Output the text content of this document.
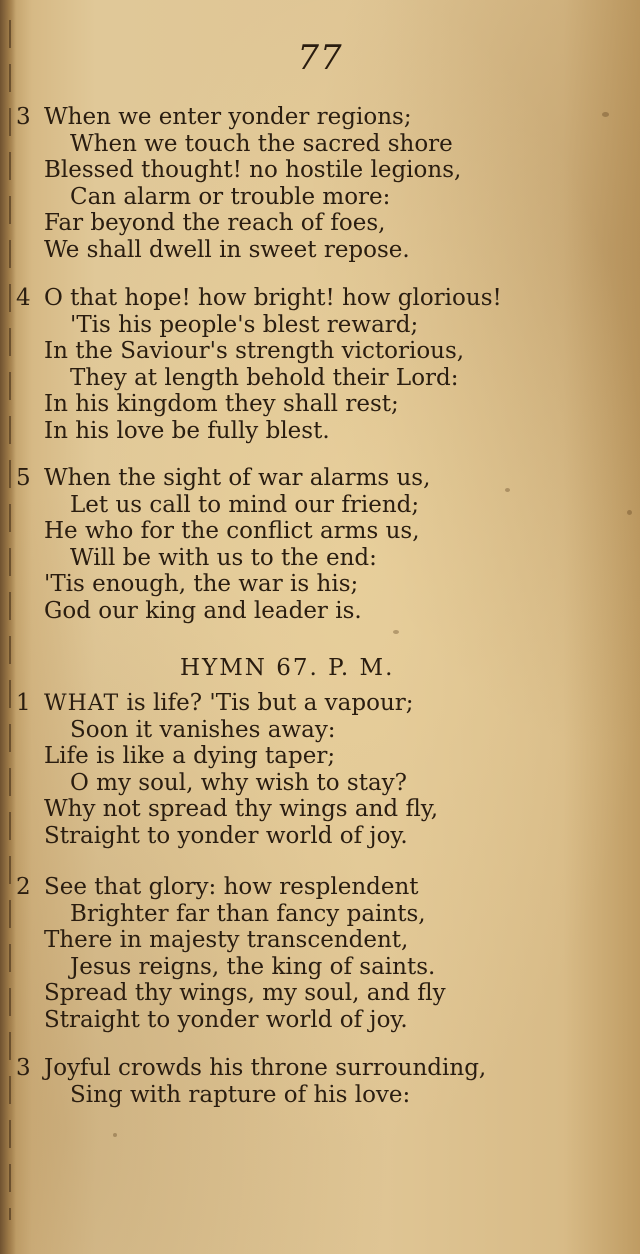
77
3 When we enter yonder regions;
When we touch the sacred shore
Blessed thought! no hostile legions,
Can alarm or trouble more:
Far beyond the reach of foes,
We shall dwell in sweet repose.
4 O that hope! how bright! how glorious!
'Tis his people's blest reward;
In the Saviour's strength victorious,
They at length behold their Lord:
In his kingdom they shall rest;
In his love be fully blest.
5 When the sight of war alarms us,
Let us call to mind our friend;
He who for the conflict arms us,
Will be with us to the end:
'Tis enough, the war is his;
God our king and leader is.
HYMN 67. P. M.
1 WHAT is life? 'Tis but a vapour;
Soon it vanishes away:
Life is like a dying taper;
O my soul, why wish to stay?
Why not spread thy wings and fly,
Straight to yonder world of joy.
2 See that glory: how resplendent
Brighter far than fancy paints,
There in majesty transcendent,
Jesus reigns, the king of saints.
Spread thy wings, my soul, and fly
Straight to yonder world of joy.
3 Joyful crowds his throne surrounding,
Sing with rapture of his love:
